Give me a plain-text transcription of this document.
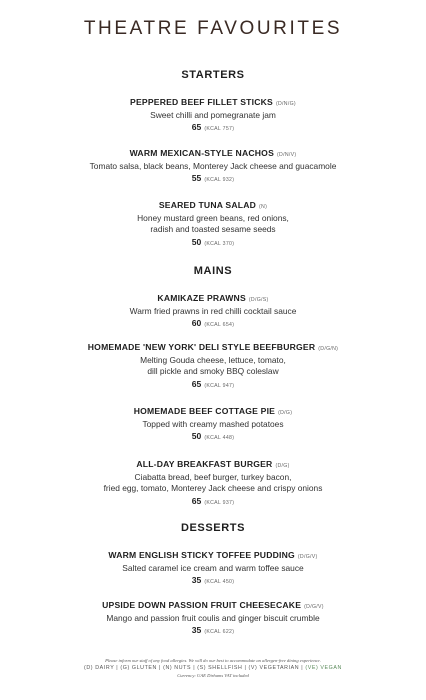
THEATRE FAVOURITES
STARTERS
PEPPERED BEEF FILLET STICKS (D/N/G)
Sweet chilli and pomegranate jam
65 (KCAL 757)
WARM MEXICAN-STYLE NACHOS (D/N/V)
Tomato salsa, black beans, Monterey Jack cheese and guacamole
55 (KCAL 932)
SEARED TUNA SALAD (N)
Honey mustard green beans, red onions,
radish and toasted sesame seeds
50 (KCAL 370)
MAINS
KAMIKAZE PRAWNS (D/G/S)
Warm fried prawns in red chilli cocktail sauce
60 (KCAL 654)
HOMEMADE 'NEW YORK' DELI STYLE BEEFBURGER (D/G/N)
Melting Gouda cheese, lettuce, tomato,
dill pickle and smoky BBQ coleslaw
65 (KCAL 947)
HOMEMADE BEEF COTTAGE PIE (D/G)
Topped with creamy mashed potatoes
50 (KCAL 448)
ALL-DAY BREAKFAST BURGER (D/G)
Ciabatta bread, beef burger, turkey bacon,
fried egg, tomato, Monterey Jack cheese and crispy onions
65 (KCAL 937)
DESSERTS
WARM ENGLISH STICKY TOFFEE PUDDING (D/G/V)
Salted caramel ice cream and warm toffee sauce
35 (KCAL 450)
UPSIDE DOWN PASSION FRUIT CHEESECAKE (D/G/V)
Mango and passion fruit coulis and ginger biscuit crumble
35 (KCAL 622)
Please inform our staff of any food allergies. We will do our best to accommodate an allergen-free dining experience.
(D) DAIRY | (G) GLUTEN | (N) NUTS | (S) SHELLFISH | (V) VEGETARIAN | (VE) VEGAN
Currency: UAE Dirhams VAT included
